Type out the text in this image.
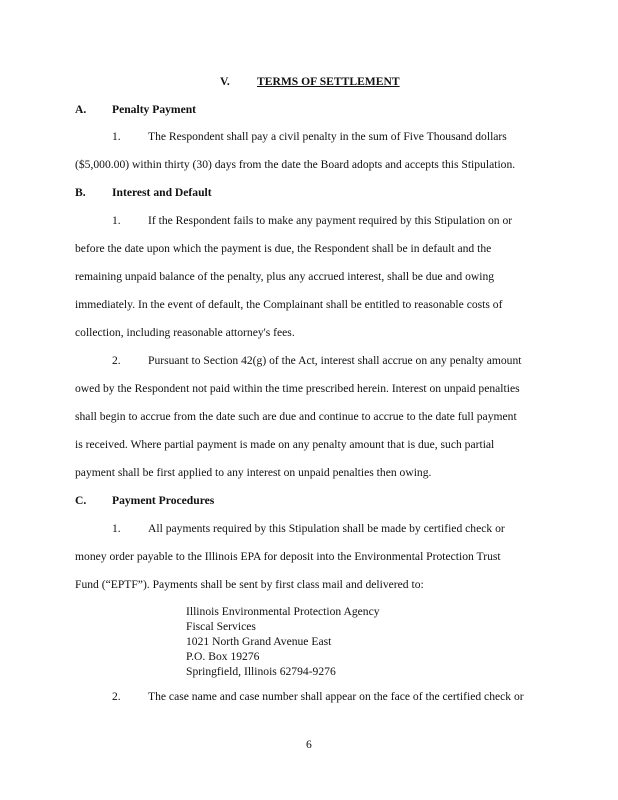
V. TERMS OF SETTLEMENT
A. Penalty Payment
1. The Respondent shall pay a civil penalty in the sum of Five Thousand dollars
($5,000.00) within thirty (30) days from the date the Board adopts and accepts this Stipulation.
B. Interest and Default
1. If the Respondent fails to make any payment required by this Stipulation on or
before the date upon which the payment is due, the Respondent shall be in default and the
remaining unpaid balance of the penalty, plus any accrued interest, shall be due and owing
immediately. In the event of default, the Complainant shall be entitled to reasonable costs of
collection, including reasonable attorney's fees.
2. Pursuant to Section 42(g) of the Act, interest shall accrue on any penalty amount
owed by the Respondent not paid within the time prescribed herein. Interest on unpaid penalties
shall begin to accrue from the date such are due and continue to accrue to the date full payment
is received. Where partial payment is made on any penalty amount that is due, such partial
payment shall be first applied to any interest on unpaid penalties then owing.
C. Payment Procedures
1. All payments required by this Stipulation shall be made by certified check or
money order payable to the Illinois EPA for deposit into the Environmental Protection Trust
Fund (“EPTF”). Payments shall be sent by first class mail and delivered to:
Illinois Environmental Protection Agency
Fiscal Services
1021 North Grand Avenue East
P.O. Box 19276
Springfield, Illinois 62794-9276
2. The case name and case number shall appear on the face of the certified check or
6
